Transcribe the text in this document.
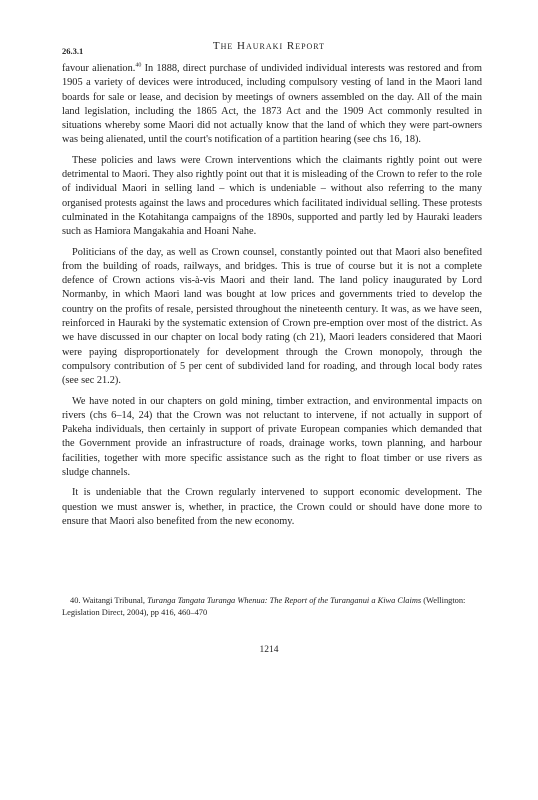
26.3.1	The Hauraki Report

favour alienation.$^{40}$ In 1888, direct purchase of undivided individual interests was restored and from 1905 a variety of devices were introduced, including compulsory vesting of land in the Maori land boards for sale or lease, and decision by meetings of owners assembled on the day. All of the main land legislation, including the 1865 Act, the 1873 Act and the 1909 Act commonly resulted in situations whereby some Maori did not actually know that the land of which they were part-owners was being alienated, until the court's notification of a partition hearing (see chs 16, 18).

These policies and laws were Crown interventions which the claimants rightly point out were detrimental to Maori. They also rightly point out that it is misleading of the Crown to refer to the role of individual Maori in selling land – which is undeniable – without also referring to the many organised protests against the laws and procedures which facilitated individual selling. These protests culminated in the Kotahitanga campaigns of the 1890s, supported and partly led by Hauraki leaders such as Hamiora Mangakahia and Hoani Nahe.

Politicians of the day, as well as Crown counsel, constantly pointed out that Maori also benefited from the building of roads, railways, and bridges. This is true of course but it is not a complete defence of Crown actions vis-à-vis Maori and their land. The land policy inaugurated by Lord Normanby, in which Maori land was bought at low prices and governments tried to develop the country on the profits of resale, persisted throughout the nineteenth century. It was, as we have seen, reinforced in Hauraki by the systematic extension of Crown pre-emption over most of the district. As we have discussed in our chapter on local body rating (ch 21), Maori leaders considered that Maori were paying disproportionately for development through the Crown monopoly, through the compulsory contribution of 5 per cent of subdivided land for roading, and through local body rates (see sec 21.2).

We have noted in our chapters on gold mining, timber extraction, and environmental impacts on rivers (chs 6–14, 24) that the Crown was not reluctant to intervene, if not actually in support of Pakeha individuals, then certainly in support of private European companies which demanded that the Government provide an infrastructure of roads, drainage works, town planning, and harbour facilities, together with more specific assistance such as the right to float timber or use rivers as sludge channels.

It is undeniable that the Crown regularly intervened to support economic development. The question we must answer is, whether, in practice, the Crown could or should have done more to ensure that Maori also benefited from the new economy.

40. Waitangi Tribunal, Turanga Tangata Turanga Whenua: The Report of the Turanganui a Kiwa Claims (Wellington: Legislation Direct, 2004), pp 416, 460–470
1214
